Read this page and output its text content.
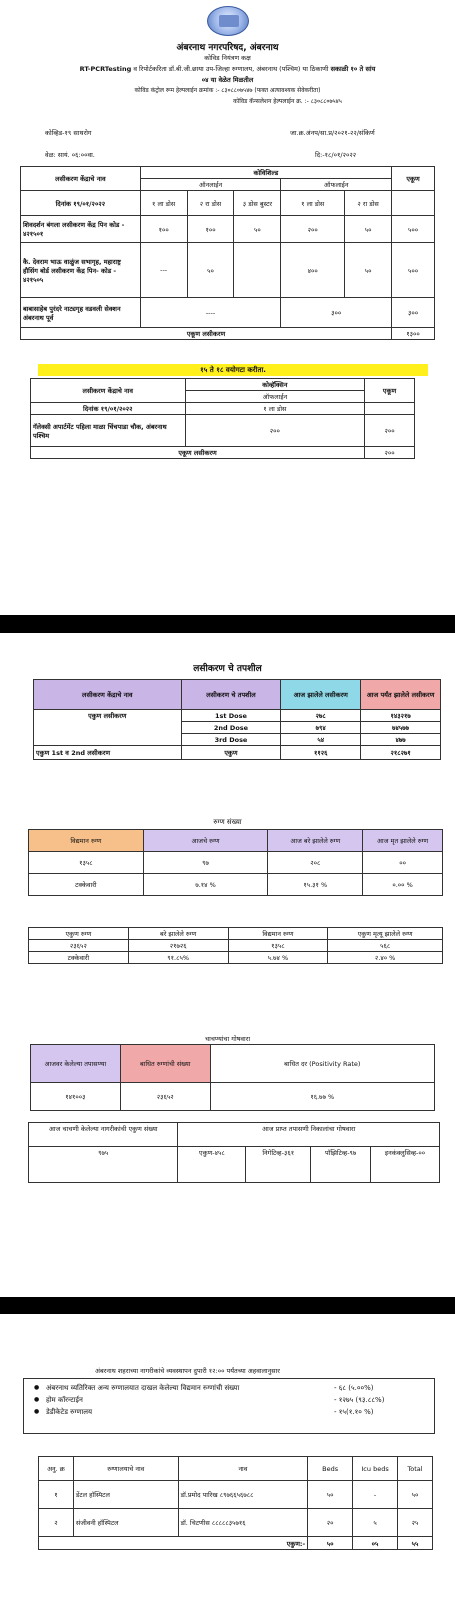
अंबरनाथ नगरपरिषद, अंबरनाथ
कोविड नियंत्रण कक्ष
RT-PCRTesting व रिपोर्टकरिता डॉ.बी.जी.छाया उप-जिल्हा रुग्णालय, अंबरनाथ (पश्चिम) या ठिकाणी सकाळी १० ते सांय
०४ या वेळेत मिळतील
कोविड कंट्रोल रूम हेल्पलाईन क्रमांक :- ८३०८८०७५४७ (फक्त अत्यावश्यक सेवेकरीता)
कोविड कॅन्सलेशन हेल्पलाईन क्र. :- ८३०८८०७५४५
कोव्हिड-१९ साथरोग	जा.क्र.अंनप/सा.प्र/२०२१-२२/संकिर्ण
वेळ: सायं. ०६:००वा.	दि:-१८/०१/२०२२
लसीकरण केंद्राचे नाव	कोविशिल्ड					एकूण
	ऑनलाईन			ऑफलाईन		
दिनांक १९/०१/२०२२	१ ला डोस	२ रा डोस	३ डोस बुस्टर	१ ला डोस	२ रा डोस	
शिवदर्शन बंगला लसीकरण केंद्र पिन कोड - ४२१५०१	१००	१००	५०	२००	५०	५००
कै. देवराम भाऊ वाळुंज सभागृह, महाराष्ट्र हौसिंग बोर्ड लसीकरण केंद्र पिन- कोड - ४२१५०५	---	५०		४००	५०	५००
बाबासाहेब पुरंदरे नाट्यगृह वडवली सेक्शन अंबरनाथ पूर्व	----			३००		३००
एकूण लसीकरण						१३००
१५ ते १८ वयोगटा करीता.
लसीकरण केंद्राचे नाव	कोव्हॅक्सिन	एकूण
	ऑफलाईन	
दिनांक १९/०१/२०२२	१ ला डोस	
गॅलेक्सी अपार्टमेंट पहिला माळा चिंचपाडा चौक, अंबरनाथ पश्चिम	२००	२००
एकूण लसीकरण		२००
लसीकरण चे तपशील
लसीकरण केंद्राचे नाव	लसीकरण चे तपशील	आज झालेले लसीकरण	आज पर्यंत झालेले लसीकरण
एकुण लसीकरण	1st Dose	२७८	१४३२१७
	2nd Dose	७९४	७४५७७
	3rd Dose	५४	४७७
एकुण 1st व 2nd लसीकरण	एकुण	११२६	२१८२७१
रुग्ण संख्या
विद्यमान रुग्ण	आजचे रुग्ण	आज बरे झालेले रुग्ण	आज मृत झालेले रुग्ण
१३५८	९७	२०८	००
टक्केवारी	७.१४ %	१५.३१ %	०.०० %
एकुण रुग्ण	बरे झालेले रुग्ण	विद्यमान रुग्ण	एकुण मृत्यू झालेले रुग्ण
२३६५२	२१७२६	१३५८	५६८
टक्केवारी	९१.८५%	५.७४ %	२.४० %
चाचण्यांचा गोषवारा
आजवर केलेल्या तपासण्या	बाधित रुग्णांची संख्या	बाधित दर (Positivity Rate)
१४१००३	२३६५२	१६.७७ %
आज चाचणी केलेल्या नागरीकांची एकुण संख्या	आज प्राप्त तपासणी निकालांचा गोषवारा			
९७५	एकुण-४५८	निगेटिव्ह-३६१	पॉझिटिव्ह-९७	इनकंक्लुसिव्ह-००
अंबरनाथ शहराच्या नागरीकांचे व्यवस्थापन दुपारी १२:०० पर्यंतच्या अहवालानुसार
● अंबरनाथ व्यतिरिक्त अन्य रुग्णालयात दाखल केलेल्या विद्यमान रुग्णांची संख्या	- ६८ (५.००%)
● होम कॉरन्टाईन	- १२७५ (९३.८८%)
● डेडीकेटेड रुग्णालय	- १५(१.१० %)
अनु. क्र	रुग्णालयाचे नाव	नाव	Beds	Icu beds	Total
१	डेंटल हॉस्पिटल	डॉ.प्रमोद पारिख ८९७६६५६७८८	५०	-	५०
२	संजीवनी हॉस्पिटल	डॉ. चिटणीस ८८८८८३५७१६	२०	५	२५
एकुण:-			५०	०५	५५
